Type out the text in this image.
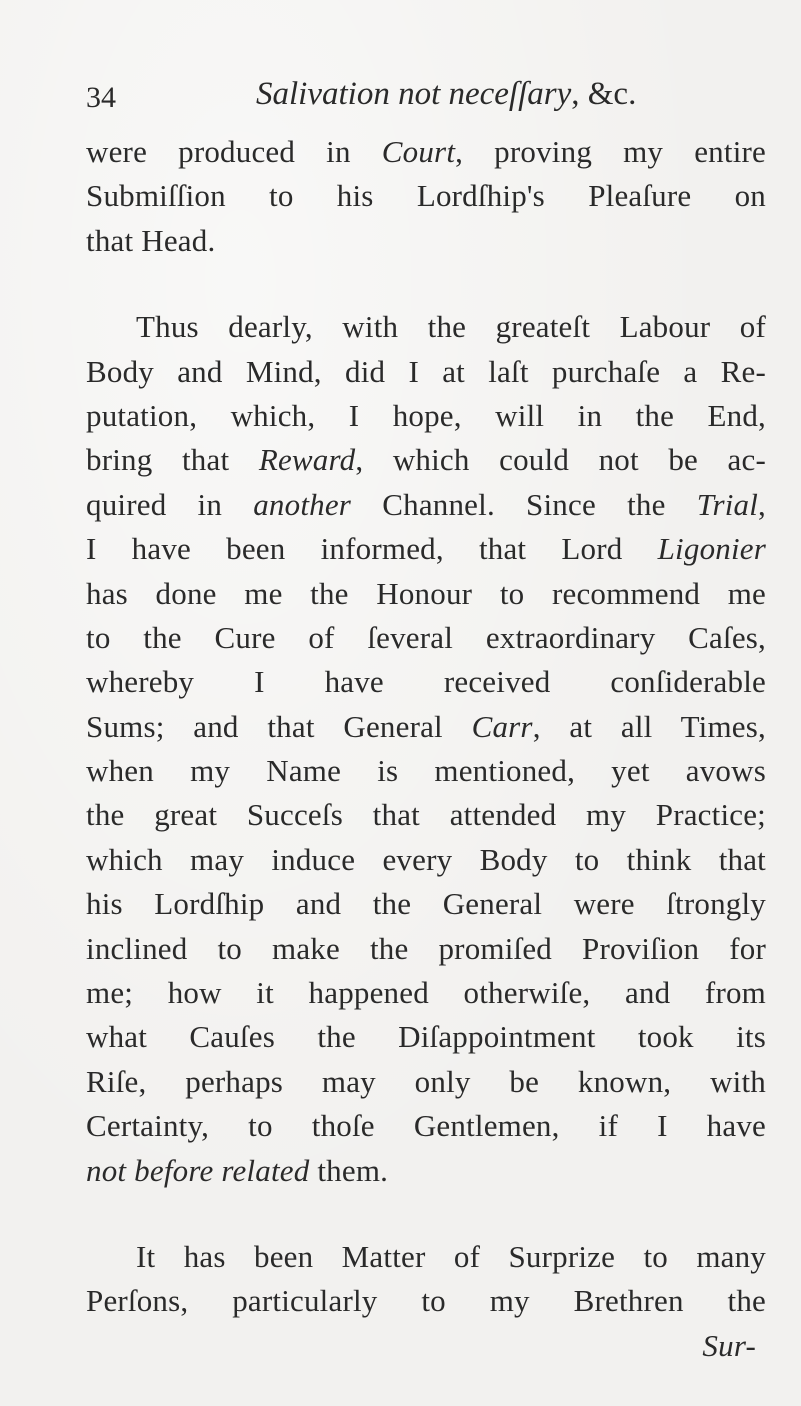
34	Salivation not neceſſary, &c.
were produced in Court, proving my entire
Submiſſion to his Lordſhip's Pleaſure on
that Head.
Thus dearly, with the greateſt Labour of
Body and Mind, did I at laſt purchaſe a Re-
putation, which, I hope, will in the End,
bring that Reward, which could not be ac-
quired in another Channel. Since the Trial,
I have been informed, that Lord Ligonier
has done me the Honour to recommend me
to the Cure of ſeveral extraordinary Caſes,
whereby I have received conſiderable
Sums; and that General Carr, at all Times,
when my Name is mentioned, yet avows
the great Succeſs that attended my Practice;
which may induce every Body to think that
his Lordſhip and the General were ſtrongly
inclined to make the promiſed Proviſion for
me; how it happened otherwiſe, and from
what Cauſes the Diſappointment took its
Riſe, perhaps may only be known, with
Certainty, to thoſe Gentlemen, if I have
not before related them.
It has been Matter of Surprize to many
Perſons, particularly to my Brethren the
Sur-
